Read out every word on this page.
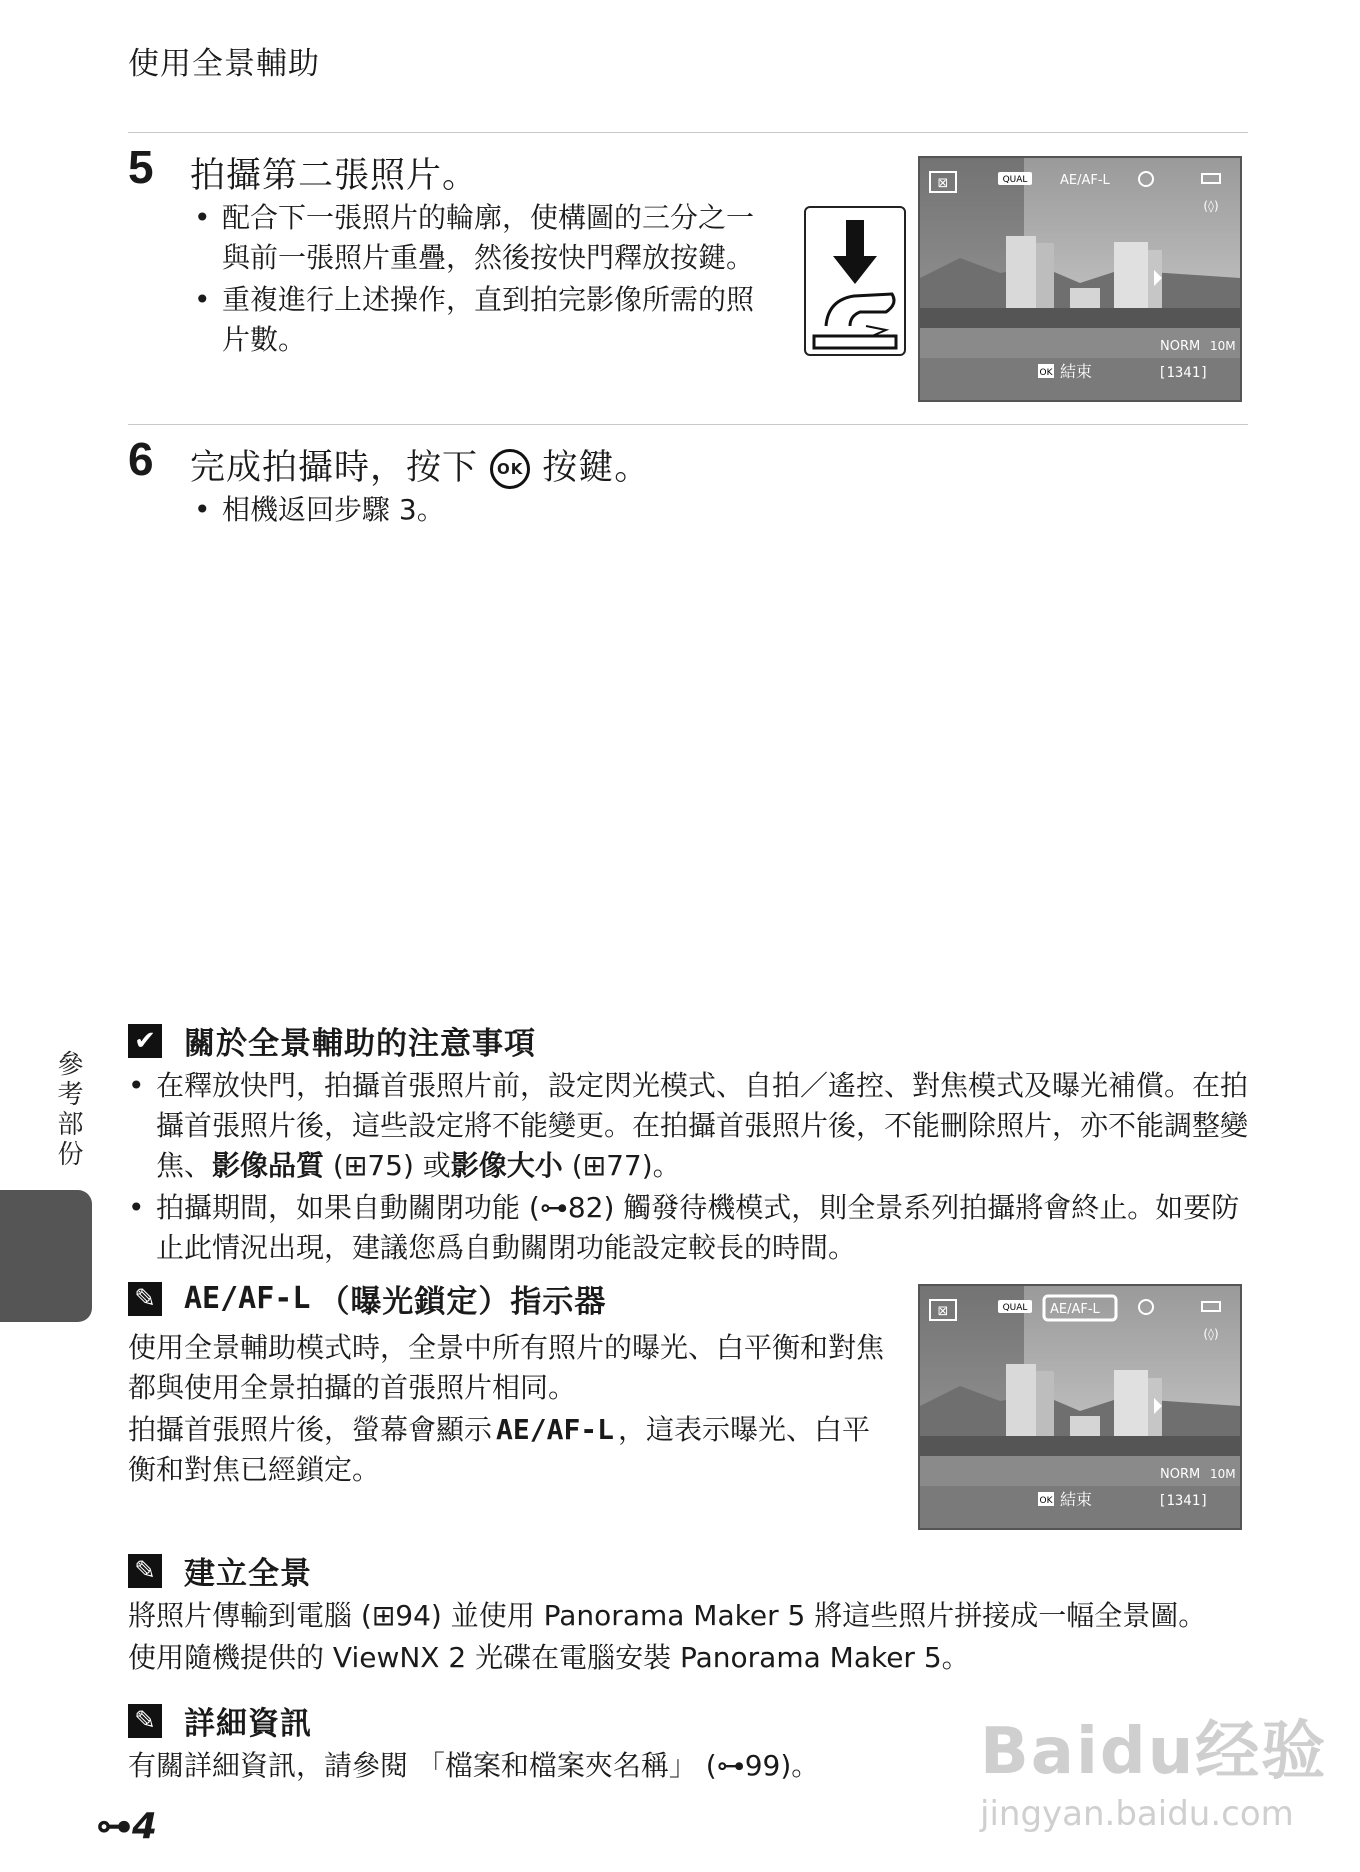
使用全景輔助
5 拍攝第二張照片。
• 配合下一張照片的輪廓，使構圖的三分之一與前一張照片重疊，然後按快門釋放按鍵。
• 重複進行上述操作，直到拍完影像所需的照片數。
⊠	QUAL	AE/AF-L
(◊)
NORM 10M
OK 結束	[1341]
6 完成拍攝時，按下 OK 按鍵。
• 相機返回步驟 3。
參考部份
✔ 關於全景輔助的注意事項
• 在釋放快門，拍攝首張照片前，設定閃光模式、自拍／遙控、對焦模式及曝光補償。在拍攝首張照片後，這些設定將不能變更。在拍攝首張照片後，不能刪除照片，亦不能調整變焦、影像品質 (⊞75) 或影像大小 (⊞77)。
• 拍攝期間，如果自動關閉功能 (⊶82) 觸發待機模式，則全景系列拍攝將會終止。如要防止此情況出現，建議您爲自動關閉功能設定較長的時間。
✎ AE/AF-L （曝光鎖定）指示器
使用全景輔助模式時，全景中所有照片的曝光、白平衡和對焦都與使用全景拍攝的首張照片相同。
拍攝首張照片後，螢幕會顯示 AE/AF-L ，這表示曝光、白平衡和對焦已經鎖定。
⊠	QUAL AE/AF-L
(◊)
NORM 10M
OK 結束	[1341]
✎ 建立全景
將照片傳輸到電腦 (⊞94) 並使用 Panorama Maker 5 將這些照片拼接成一幅全景圖。
使用隨機提供的 ViewNX 2 光碟在電腦安裝 Panorama Maker 5。
✎ 詳細資訊
有關詳細資訊，請參閱 「檔案和檔案夾名稱」 (⊶99)。
⊶4
Baidu经验
jingyan.baidu.com
